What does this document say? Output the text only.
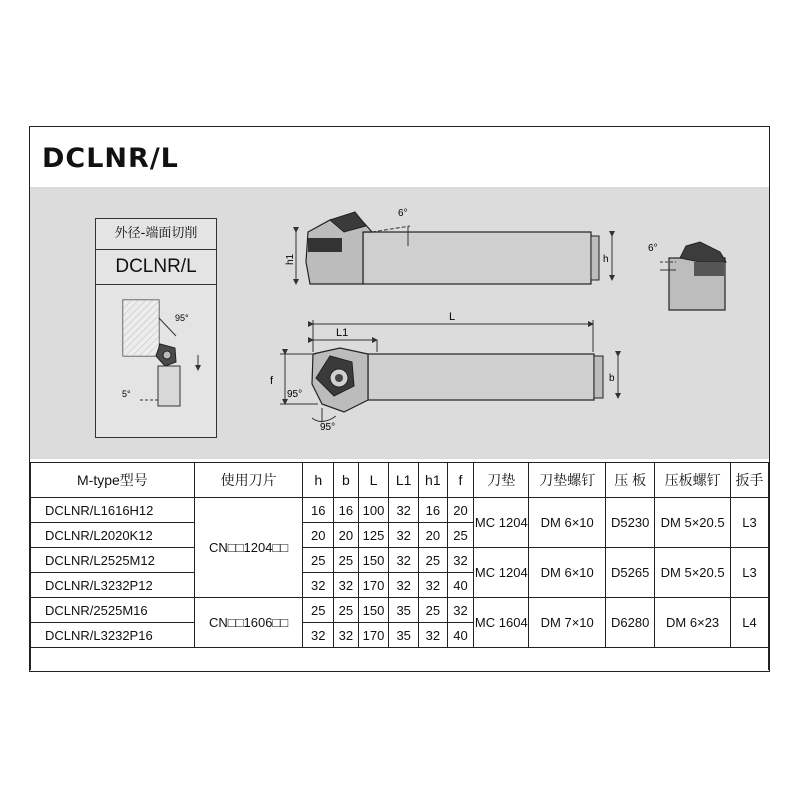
DCLNR/L
外径-端面切削
DCLNR/L
95°
5°
6°
h1	h
6°
L
L1
f
95°
b
95°
M-type型号	使用刀片	h	b	L	L1	h1	f	刀垫	刀垫螺钉	压 板	压板螺钉	扳手
DCLNR/L1616H12	CN□□1204□□	16	16	100	32	16	20	MC 1204	DM 6×10	D5230	DM 5×20.5	L3
DCLNR/L2020K12		20	20	125	32	20	25					
DCLNR/L2525M12		25	25	150	32	25	32	MC 1204	DM 6×10	D5265	DM 5×20.5	L3
DCLNR/L3232P12		32	32	170	32	32	40					
DCLNR/2525M16	CN□□1606□□	25	25	150	35	25	32	MC 1604	DM 7×10	D6280	DM 6×23	L4
DCLNR/L3232P16		32	32	170	35	32	40					
